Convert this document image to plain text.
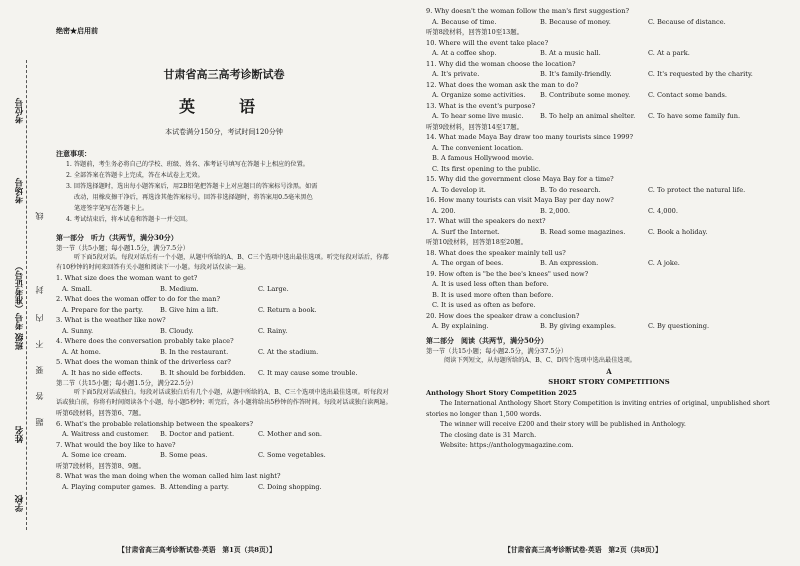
考位号
考场号
考号（准考证号）
班级
姓名
学校
线
封
内
不
要
答
题
绝密★启用前
甘肃省高三高考诊断试卷
英　语
本试卷满分150分，考试时间120分钟
注意事项：
1. 答题前，考生务必将自己的学校、班级、姓名、准考证号填写在答题卡上相应的位置。
2. 全部答案在答题卡上完成，答在本试卷上无效。
3. 回答选择题时，选出每小题答案后，用2B铅笔把答题卡上对应题目的答案标号涂黑。如需
改动，用橡皮擦干净后，再选涂其他答案标号。回答非选择题时，将答案用0.5毫米黑色
笔迹签字笔写在答题卡上。
4. 考试结束后，将本试卷和答题卡一并交回。
第一部分　听力（共两节，满分30分）
第一节（共5小题；每小题1.5分，满分7.5分）
听下面5段对话。每段对话后有一个小题，从题中所给的A、B、C三个选项中选出最佳选项。听完每段对话后，你都有10秒钟的时间来回答有关小题和阅读下一小题。每段对话仅读一遍。
1. What size does the woman want to get?
A. Small.	B. Medium.	C. Large.
2. What does the woman offer to do for the man?
A. Prepare for the party.	B. Give him a lift.	C. Return a book.
3. What is the weather like now?
A. Sunny.	B. Cloudy.	C. Rainy.
4. Where does the conversation probably take place?
A. At home.	B. In the restaurant.	C. At the stadium.
5. What does the woman think of the driverless car?
A. It has no side effects.	B. It should be forbidden.	C. It may cause some trouble.
第二节（共15小题；每小题1.5分，满分22.5分）
听下面5段对话或独白。每段对话或独白后有几个小题，从题中所给的A、B、C三个选项中选出最佳选项。听每段对话或独白前，你将有时间阅读各个小题，每小题5秒钟；听完后，各小题将给出5秒钟的作答时间。每段对话或独白读两遍。
听第6段材料，回答第6、7题。
6. What's the probable relationship between the speakers?
A. Waitress and customer.	B. Doctor and patient.	C. Mother and son.
7. What would the boy like to have?
A. Some ice cream.	B. Some peas.	C. Some vegetables.
听第7段材料，回答第8、9题。
8. What was the man doing when the woman called him last night?
A. Playing computer games. B. Attending a party.	C. Doing shopping.
【甘肃省高三高考诊断试卷·英语　第1页（共8页）】
9. Why doesn't the woman follow the man's first suggestion?
A. Because of time.	B. Because of money.	C. Because of distance.
听第8段材料，回答第10至13题。
10. Where will the event take place?
A. At a coffee shop.	B. At a music hall.	C. At a park.
11. Why did the woman choose the location?
A. It's private.	B. It's family-friendly.	C. It's requested by the charity.
12. What does the woman ask the man to do?
A. Organize some activities.	B. Contribute some money.	C. Contact some bands.
13. What is the event's purpose?
A. To hear some live music.	B. To help an animal shelter.	C. To have some family fun.
听第9段材料，回答第14至17题。
14. What made Maya Bay draw too many tourists since 1999?
A. The convenient location.
B. A famous Hollywood movie.
C. Its first opening to the public.
15. Why did the government close Maya Bay for a time?
A. To develop it.	B. To do research.	C. To protect the natural life.
16. How many tourists can visit Maya Bay per day now?
A. 200.	B. 2,000.	C. 4,000.
17. What will the speakers do next?
A. Surf the Internet.	B. Read some magazines.	C. Book a holiday.
听第10段材料，回答第18至20题。
18. What does the speaker mainly tell us?
A. The organ of bees.	B. An expression.	C. A joke.
19. How often is "be the bee's knees" used now?
A. It is used less often than before.
B. It is used more often than before.
C. It is used as often as before.
20. How does the speaker draw a conclusion?
A. By explaining.	B. By giving examples.	C. By questioning.
第二部分　阅读（共两节，满分50分）
第一节（共15小题；每小题2.5分，满分37.5分）
阅读下列短文，从每题所给的A、B、C、D四个选项中选出最佳选项。
A
SHORT STORY COMPETITIONS
Anthology Short Story Competition 2025
The International Anthology Short Story Competition is inviting entries of original, unpublished short stories no longer than 1,500 words.
The winner will receive £200 and their story will be published in Anthology.
The closing date is 31 March.
Website: https://anthologymagazine.com.
【甘肃省高三高考诊断试卷·英语　第2页（共8页）】
